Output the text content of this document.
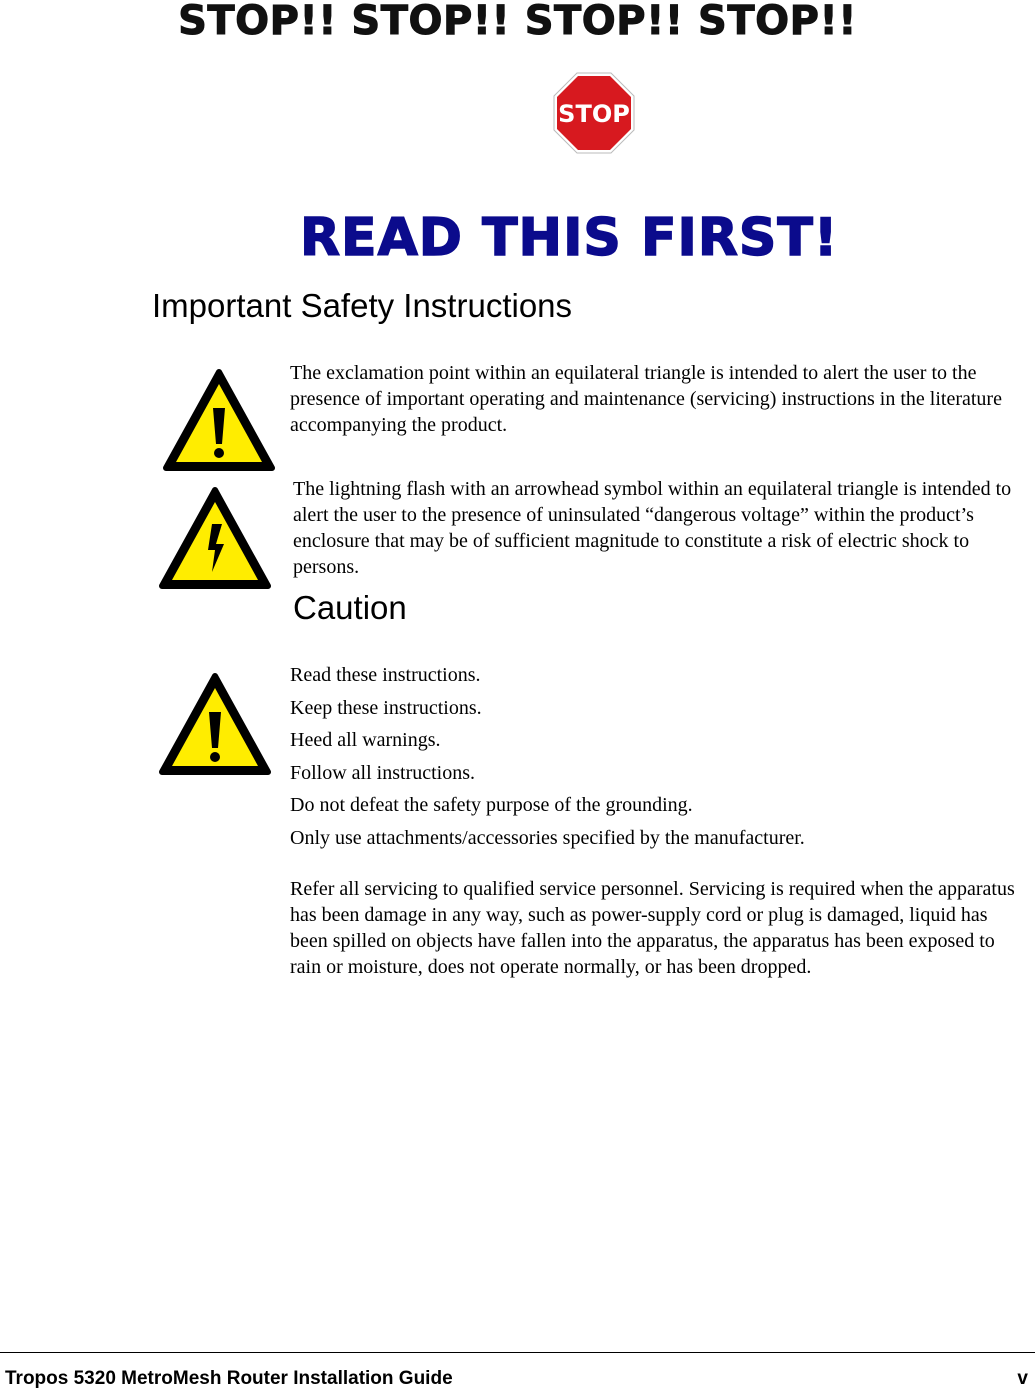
STOP!! STOP!! STOP!! STOP!!
STOP
READ THIS FIRST!
Important Safety Instructions
The exclamation point within an equilateral triangle is intended to alert the user to the presence of important operating and maintenance (servicing) instructions in the literature accompanying the product.
The lightning flash with an arrowhead symbol within an equilateral triangle is intended to alert the user to the presence of uninsulated “dangerous voltage” within the product’s enclosure that may be of sufficient magnitude to constitute a risk of electric shock to persons.
Caution
Read these instructions.
Keep these instructions.
Heed all warnings.
Follow all instructions.
Do not defeat the safety purpose of the grounding.
Only use attachments/accessories specified by the manufacturer.
Refer all servicing to qualified service personnel. Servicing is required when the apparatus has been damage in any way, such as power-supply cord or plug is damaged, liquid has been spilled on objects have fallen into the apparatus, the apparatus has been exposed to rain or moisture, does not operate normally, or has been dropped.
Tropos 5320 MetroMesh Router Installation Guide	v
